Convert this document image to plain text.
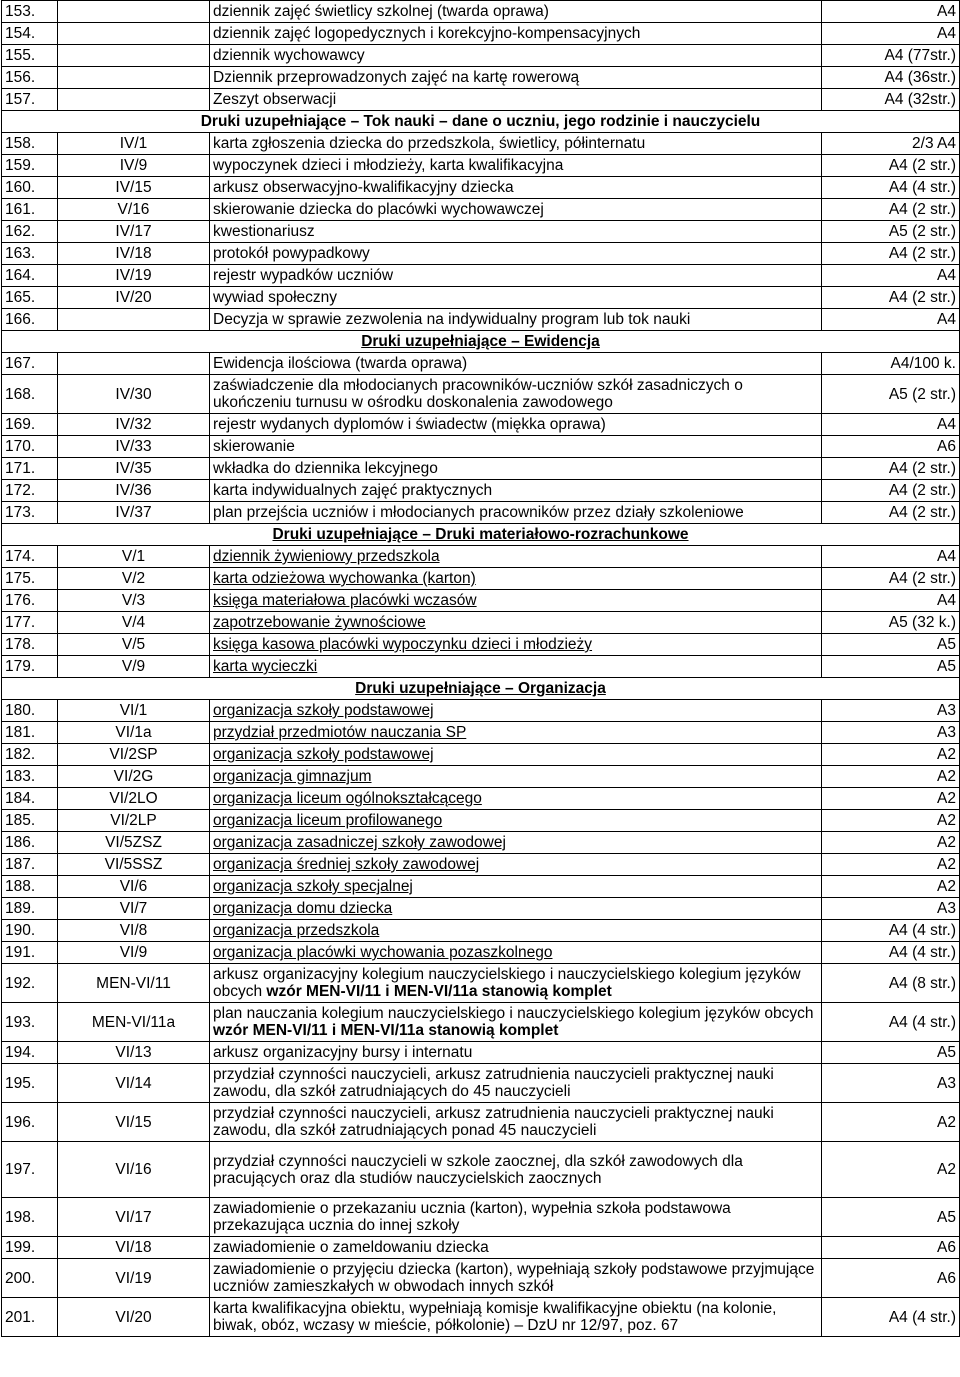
153.		dziennik zajęć świetlicy szkolnej (twarda oprawa)	A4
154.		dziennik zajęć logopedycznych i korekcyjno-kompensacyjnych	A4
155.		dziennik wychowawcy	A4 (77str.)
156.		Dziennik przeprowadzonych zajęć na kartę rowerową	A4 (36str.)
157.		Zeszyt obserwacji	A4 (32str.)
Druki uzupełniające – Tok nauki – dane o uczniu, jego rodzinie i nauczycielu			
158.	IV/1	karta zgłoszenia dziecka do przedszkola, świetlicy, półinternatu	2/3 A4
159.	IV/9	wypoczynek dzieci i młodzieży, karta kwalifikacyjna	A4 (2 str.)
160.	IV/15	arkusz obserwacyjno-kwalifikacyjny dziecka	A4 (4 str.)
161.	V/16	skierowanie dziecka do placówki wychowawczej	A4 (2 str.)
162.	IV/17	kwestionariusz	A5 (2 str.)
163.	IV/18	protokół powypadkowy	A4 (2 str.)
164.	IV/19	rejestr wypadków uczniów	A4
165.	IV/20	wywiad społeczny	A4 (2 str.)
166.		Decyzja w sprawie zezwolenia na indywidualny program lub tok nauki	A4
Druki uzupełniające – Ewidencja			
167.		Ewidencja ilościowa (twarda oprawa)	A4/100 k.
168.	IV/30	zaświadczenie dla młodocianych pracowników-uczniów szkół zasadniczych o ukończeniu turnusu w ośrodku doskonalenia zawodowego	A5 (2 str.)
169.	IV/32	rejestr wydanych dyplomów i świadectw (miękka oprawa)	A4
170.	IV/33	skierowanie	A6
171.	IV/35	wkładka do dziennika lekcyjnego	A4 (2 str.)
172.	IV/36	karta indywidualnych zajęć praktycznych	A4 (2 str.)
173.	IV/37	plan przejścia uczniów i młodocianych pracowników przez działy szkoleniowe	A4 (2 str.)
Druki uzupełniające – Druki materiałowo-rozrachunkowe			
174.	V/1	dziennik żywieniowy przedszkola	A4
175.	V/2	karta odzieżowa wychowanka (karton)	A4 (2 str.)
176.	V/3	księga materiałowa placówki wczasów	A4
177.	V/4	zapotrzebowanie żywnościowe	A5 (32 k.)
178.	V/5	księga kasowa placówki wypoczynku dzieci i młodzieży	A5
179.	V/9	karta wycieczki	A5
Druki uzupełniające – Organizacja			
180.	VI/1	organizacja szkoły podstawowej	A3
181.	VI/1a	przydział przedmiotów nauczania SP	A3
182.	VI/2SP	organizacja szkoły podstawowej	A2
183.	VI/2G	organizacja gimnazjum	A2
184.	VI/2LO	organizacja liceum ogólnokształcącego	A2
185.	VI/2LP	organizacja liceum profilowanego	A2
186.	VI/5ZSZ	organizacja zasadniczej szkoły zawodowej	A2
187.	VI/5SSZ	organizacja średniej szkoły zawodowej	A2
188.	VI/6	organizacja szkoły specjalnej	A2
189.	VI/7	organizacja domu dziecka	A3
190.	VI/8	organizacja przedszkola	A4 (4 str.)
191.	VI/9	organizacja placówki wychowania pozaszkolnego	A4 (4 str.)
192.	MEN-VI/11	arkusz organizacyjny kolegium nauczycielskiego i nauczycielskiego kolegium języków obcych wzór MEN-VI/11 i MEN-VI/11a stanowią komplet	A4 (8 str.)
193.	MEN-VI/11a	plan nauczania kolegium nauczycielskiego i nauczycielskiego kolegium języków obcych wzór MEN-VI/11 i MEN-VI/11a stanowią komplet	A4 (4 str.)
194.	VI/13	arkusz organizacyjny bursy i internatu	A5
195.	VI/14	przydział czynności nauczycieli, arkusz zatrudnienia nauczycieli praktycznej nauki zawodu, dla szkół zatrudniających do 45 nauczycieli	A3
196.	VI/15	przydział czynności nauczycieli, arkusz zatrudnienia nauczycieli praktycznej nauki zawodu, dla szkół zatrudniających ponad 45 nauczycieli	A2
197.	VI/16	przydział czynności nauczycieli w szkole zaocznej, dla szkół zawodowych dla pracujących oraz dla studiów nauczycielskich zaocznych	A2
198.	VI/17	zawiadomienie o przekazaniu ucznia (karton), wypełnia szkoła podstawowa przekazująca ucznia do innej szkoły	A5
199.	VI/18	zawiadomienie o zameldowaniu dziecka	A6
200.	VI/19	zawiadomienie o przyjęciu dziecka (karton), wypełniają szkoły podstawowe przyjmujące uczniów zamieszkałych w obwodach innych szkół	A6
201.	VI/20	karta kwalifikacyjna obiektu, wypełniają komisje kwalifikacyjne obiektu (na kolonie, biwak, obóz, wczasy w mieście, półkolonie) – DzU nr 12/97, poz. 67	A4 (4 str.)
